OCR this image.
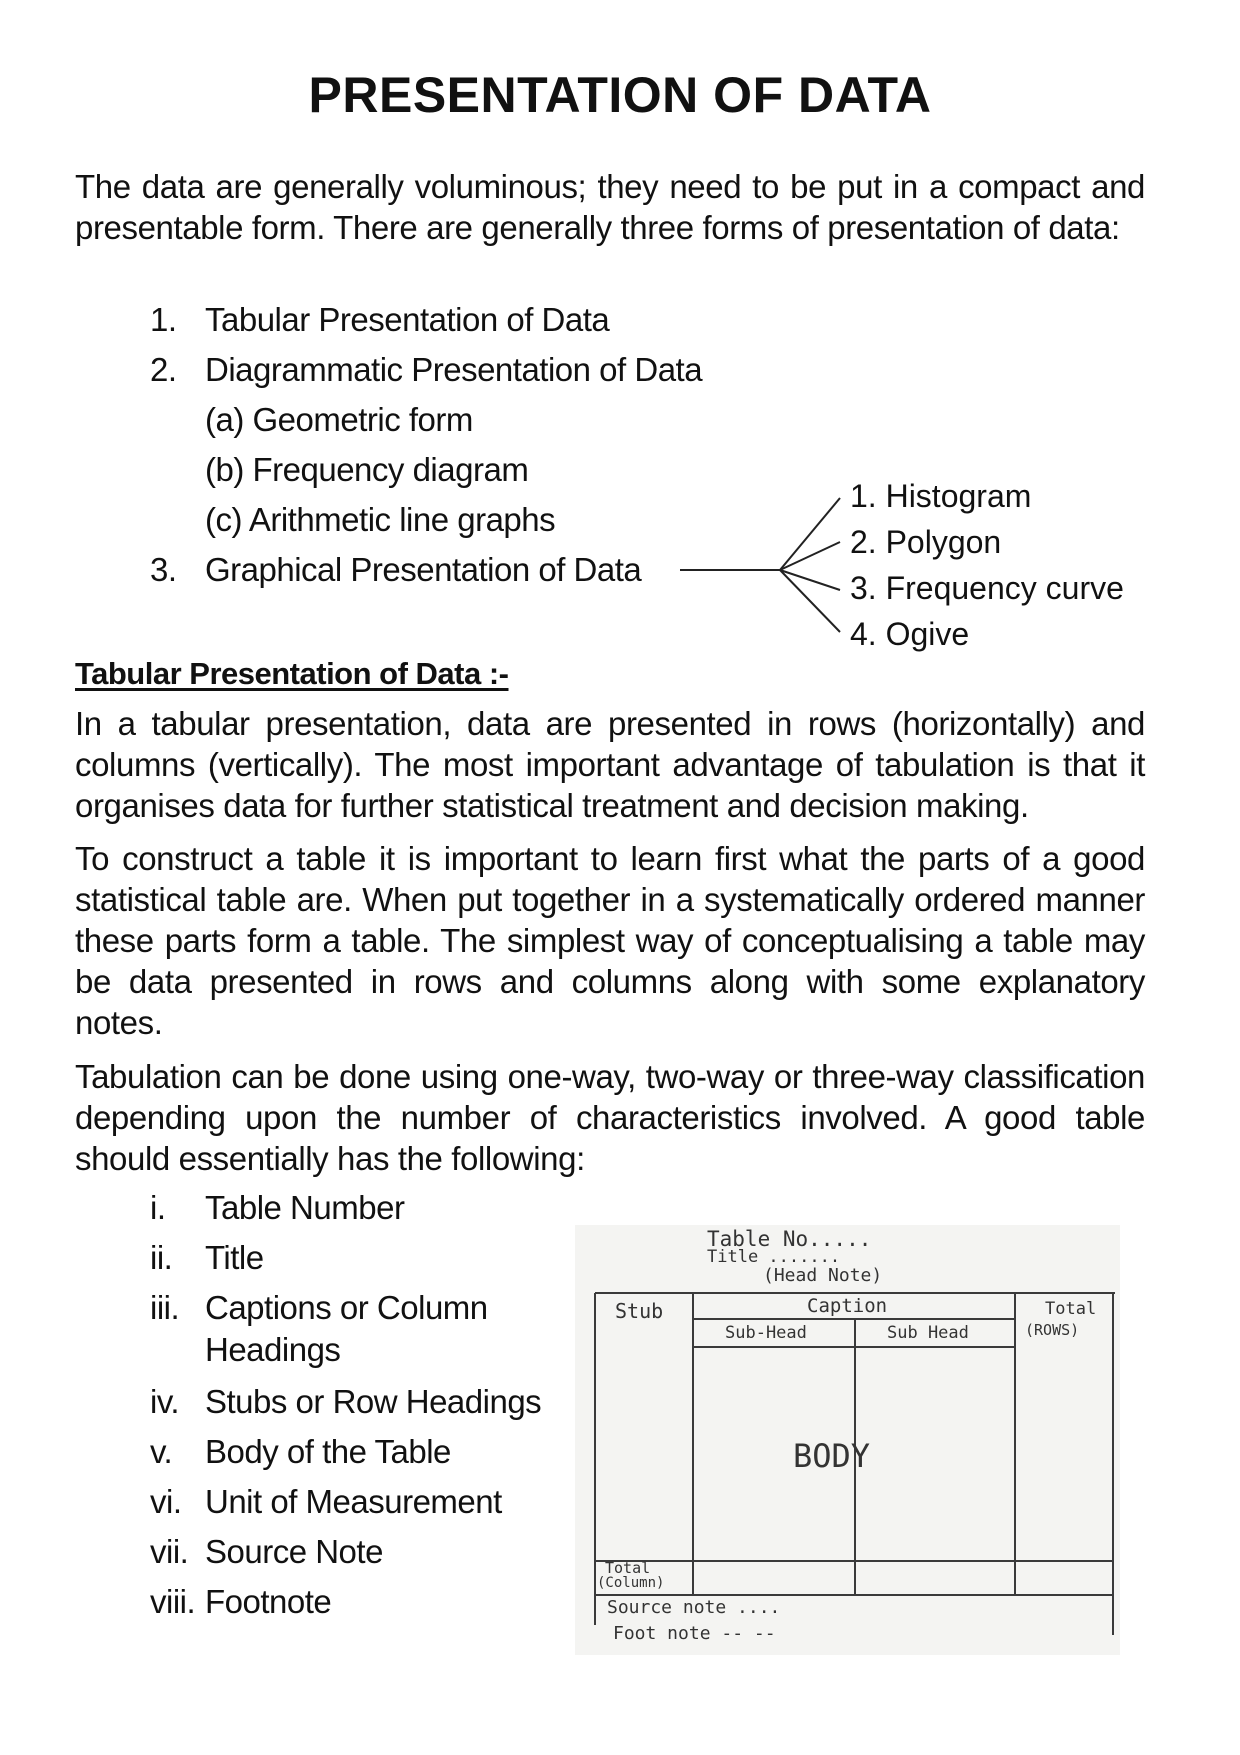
PRESENTATION OF DATA
The data are generally voluminous; they need to be put in a compact and presentable form. There are generally three forms of presentation of data:
1. Tabular Presentation of Data
2. Diagrammatic Presentation of Data
(a) Geometric form
(b) Frequency diagram
(c) Arithmetic line graphs
3. Graphical Presentation of Data
1. Histogram
2. Polygon
3. Frequency curve
4. Ogive
Tabular Presentation of Data :-
In a tabular presentation, data are presented in rows (horizontally) and columns (vertically). The most important advantage of tabulation is that it organises data for further statistical treatment and decision making.
To construct a table it is important to learn first what the parts of a good statistical table are. When put together in a systematically ordered manner these parts form a table. The simplest way of conceptualising a table may be data presented in rows and columns along with some explanatory notes.
Tabulation can be done using one-way, two-way or three-way classification depending upon the number of characteristics involved. A good table should essentially has the following:
i. Table Number
ii. Title
iii. Captions or Column
Headings
iv. Stubs or Row Headings
v. Body of the Table
vi. Unit of Measurement
vii. Source Note
viii. Footnote
Table No.....
Title .......
(Head Note)
Stub	Caption
Sub-Head	Sub Head
Total
(ROWS)
BODY
Total
(Column)
Source note ....
Foot note -- --
